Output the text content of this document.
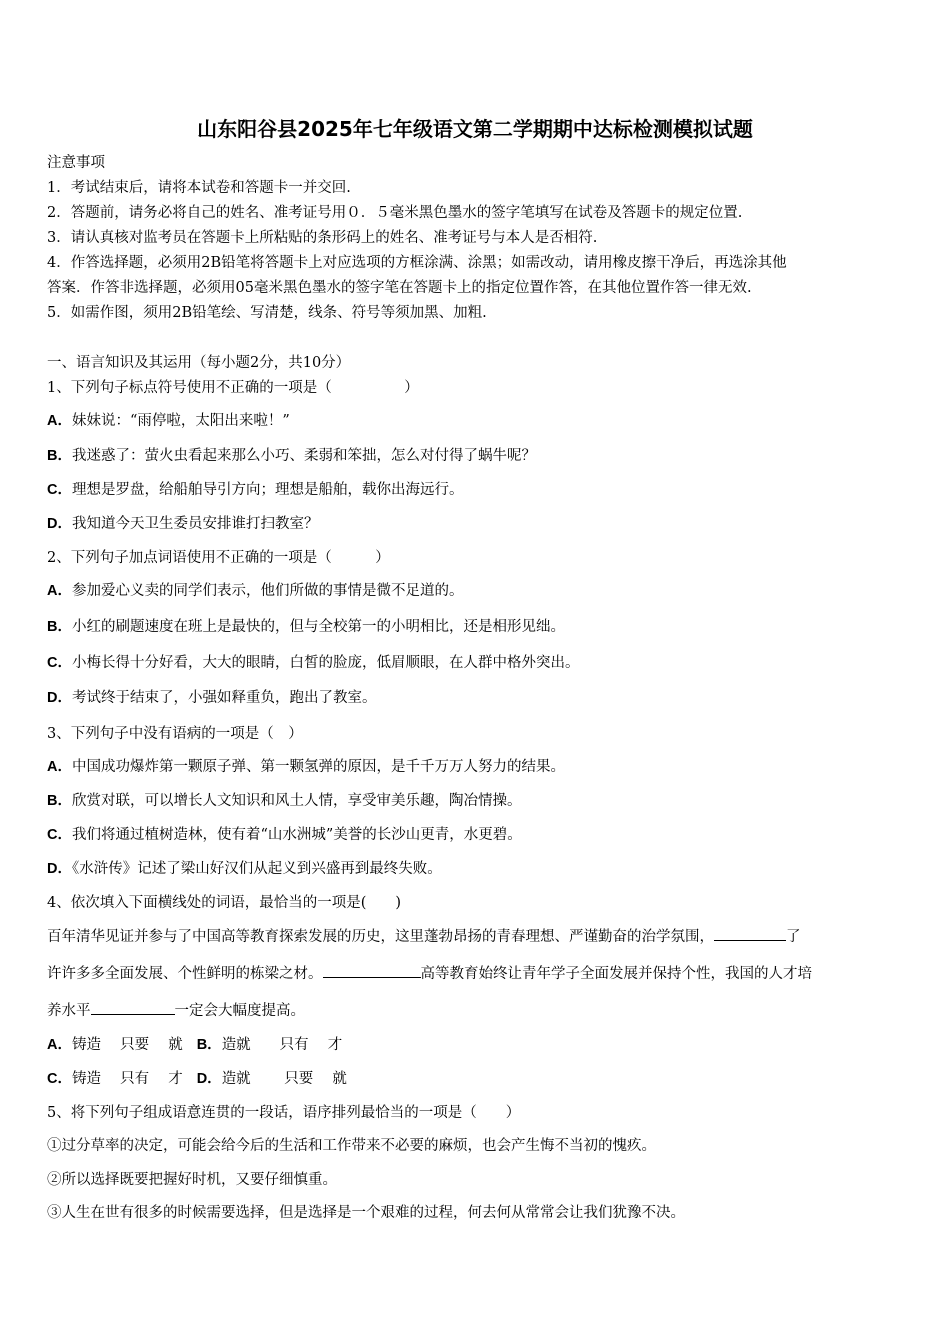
山东阳谷县2025年七年级语文第二学期期中达标检测模拟试题
注意事项
1．考试结束后，请将本试卷和答题卡一并交回.
2．答题前，请务必将自己的姓名、准考证号用０．５毫米黑色墨水的签字笔填写在试卷及答题卡的规定位置.
3．请认真核对监考员在答题卡上所粘贴的条形码上的姓名、准考证号与本人是否相符.
4．作答选择题，必须用2B铅笔将答题卡上对应选项的方框涂满、涂黑；如需改动，请用橡皮擦干净后，再选涂其他
答案．作答非选择题，必须用05毫米黑色墨水的签字笔在答题卡上的指定位置作答，在其他位置作答一律无效.
5．如需作图，须用2B铅笔绘、写清楚，线条、符号等须加黑、加粗.
一、语言知识及其运用（每小题2分，共10分）
1、下列句子标点符号使用不正确的一项是（　　　　　）
A．妹妹说：“雨停啦，太阳出来啦！”
B．我迷惑了：萤火虫看起来那么小巧、柔弱和笨拙，怎么对付得了蜗牛呢？
C．理想是罗盘，给船舶导引方向；理想是船舶，载你出海远行。
D．我知道今天卫生委员安排谁打扫教室？
2、下列句子加点词语使用不正确的一项是（　　　）
A．参加爱心义卖的同学们表示，他们所做的事情是微不足道的。
B．小红的刷题速度在班上是最快的，但与全校第一的小明相比，还是相形见绌。
C．小梅长得十分好看，大大的眼睛，白皙的脸庞，低眉顺眼，在人群中格外突出。
D．考试终于结束了，小强如释重负，跑出了教室。
3、下列句子中没有语病的一项是（　）
A．中国成功爆炸第一颗原子弹、第一颗氢弹的原因，是千千万万人努力的结果。
B．欣赏对联，可以增长人文知识和风土人情，享受审美乐趣，陶冶情操。
C．我们将通过植树造林，使有着“山水洲城”美誉的长沙山更青，水更碧。
D．《水浒传》记述了梁山好汉们从起义到兴盛再到最终失败。
4、依次填入下面横线处的词语，最恰当的一项是(　　)
百年清华见证并参与了中国高等教育探索发展的历史，这里蓬勃昂扬的青春理想、严谨勤奋的治学氛围，	了
许许多多全面发展、个性鲜明的栋梁之材。	高等教育始终让青年学子全面发展并保持个性，我国的人才培
养水平	一定会大幅度提高。
A．铸造　 只要　 就 B．造就　　只有　 才
C．铸造　 只有　 才 D．造就　　 只要　 就
5、将下列句子组成语意连贯的一段话，语序排列最恰当的一项是（　　）
①过分草率的决定，可能会给今后的生活和工作带来不必要的麻烦，也会产生悔不当初的愧疚。
②所以选择既要把握好时机，又要仔细慎重。
③人生在世有很多的时候需要选择，但是选择是一个艰难的过程，何去何从常常会让我们犹豫不决。
